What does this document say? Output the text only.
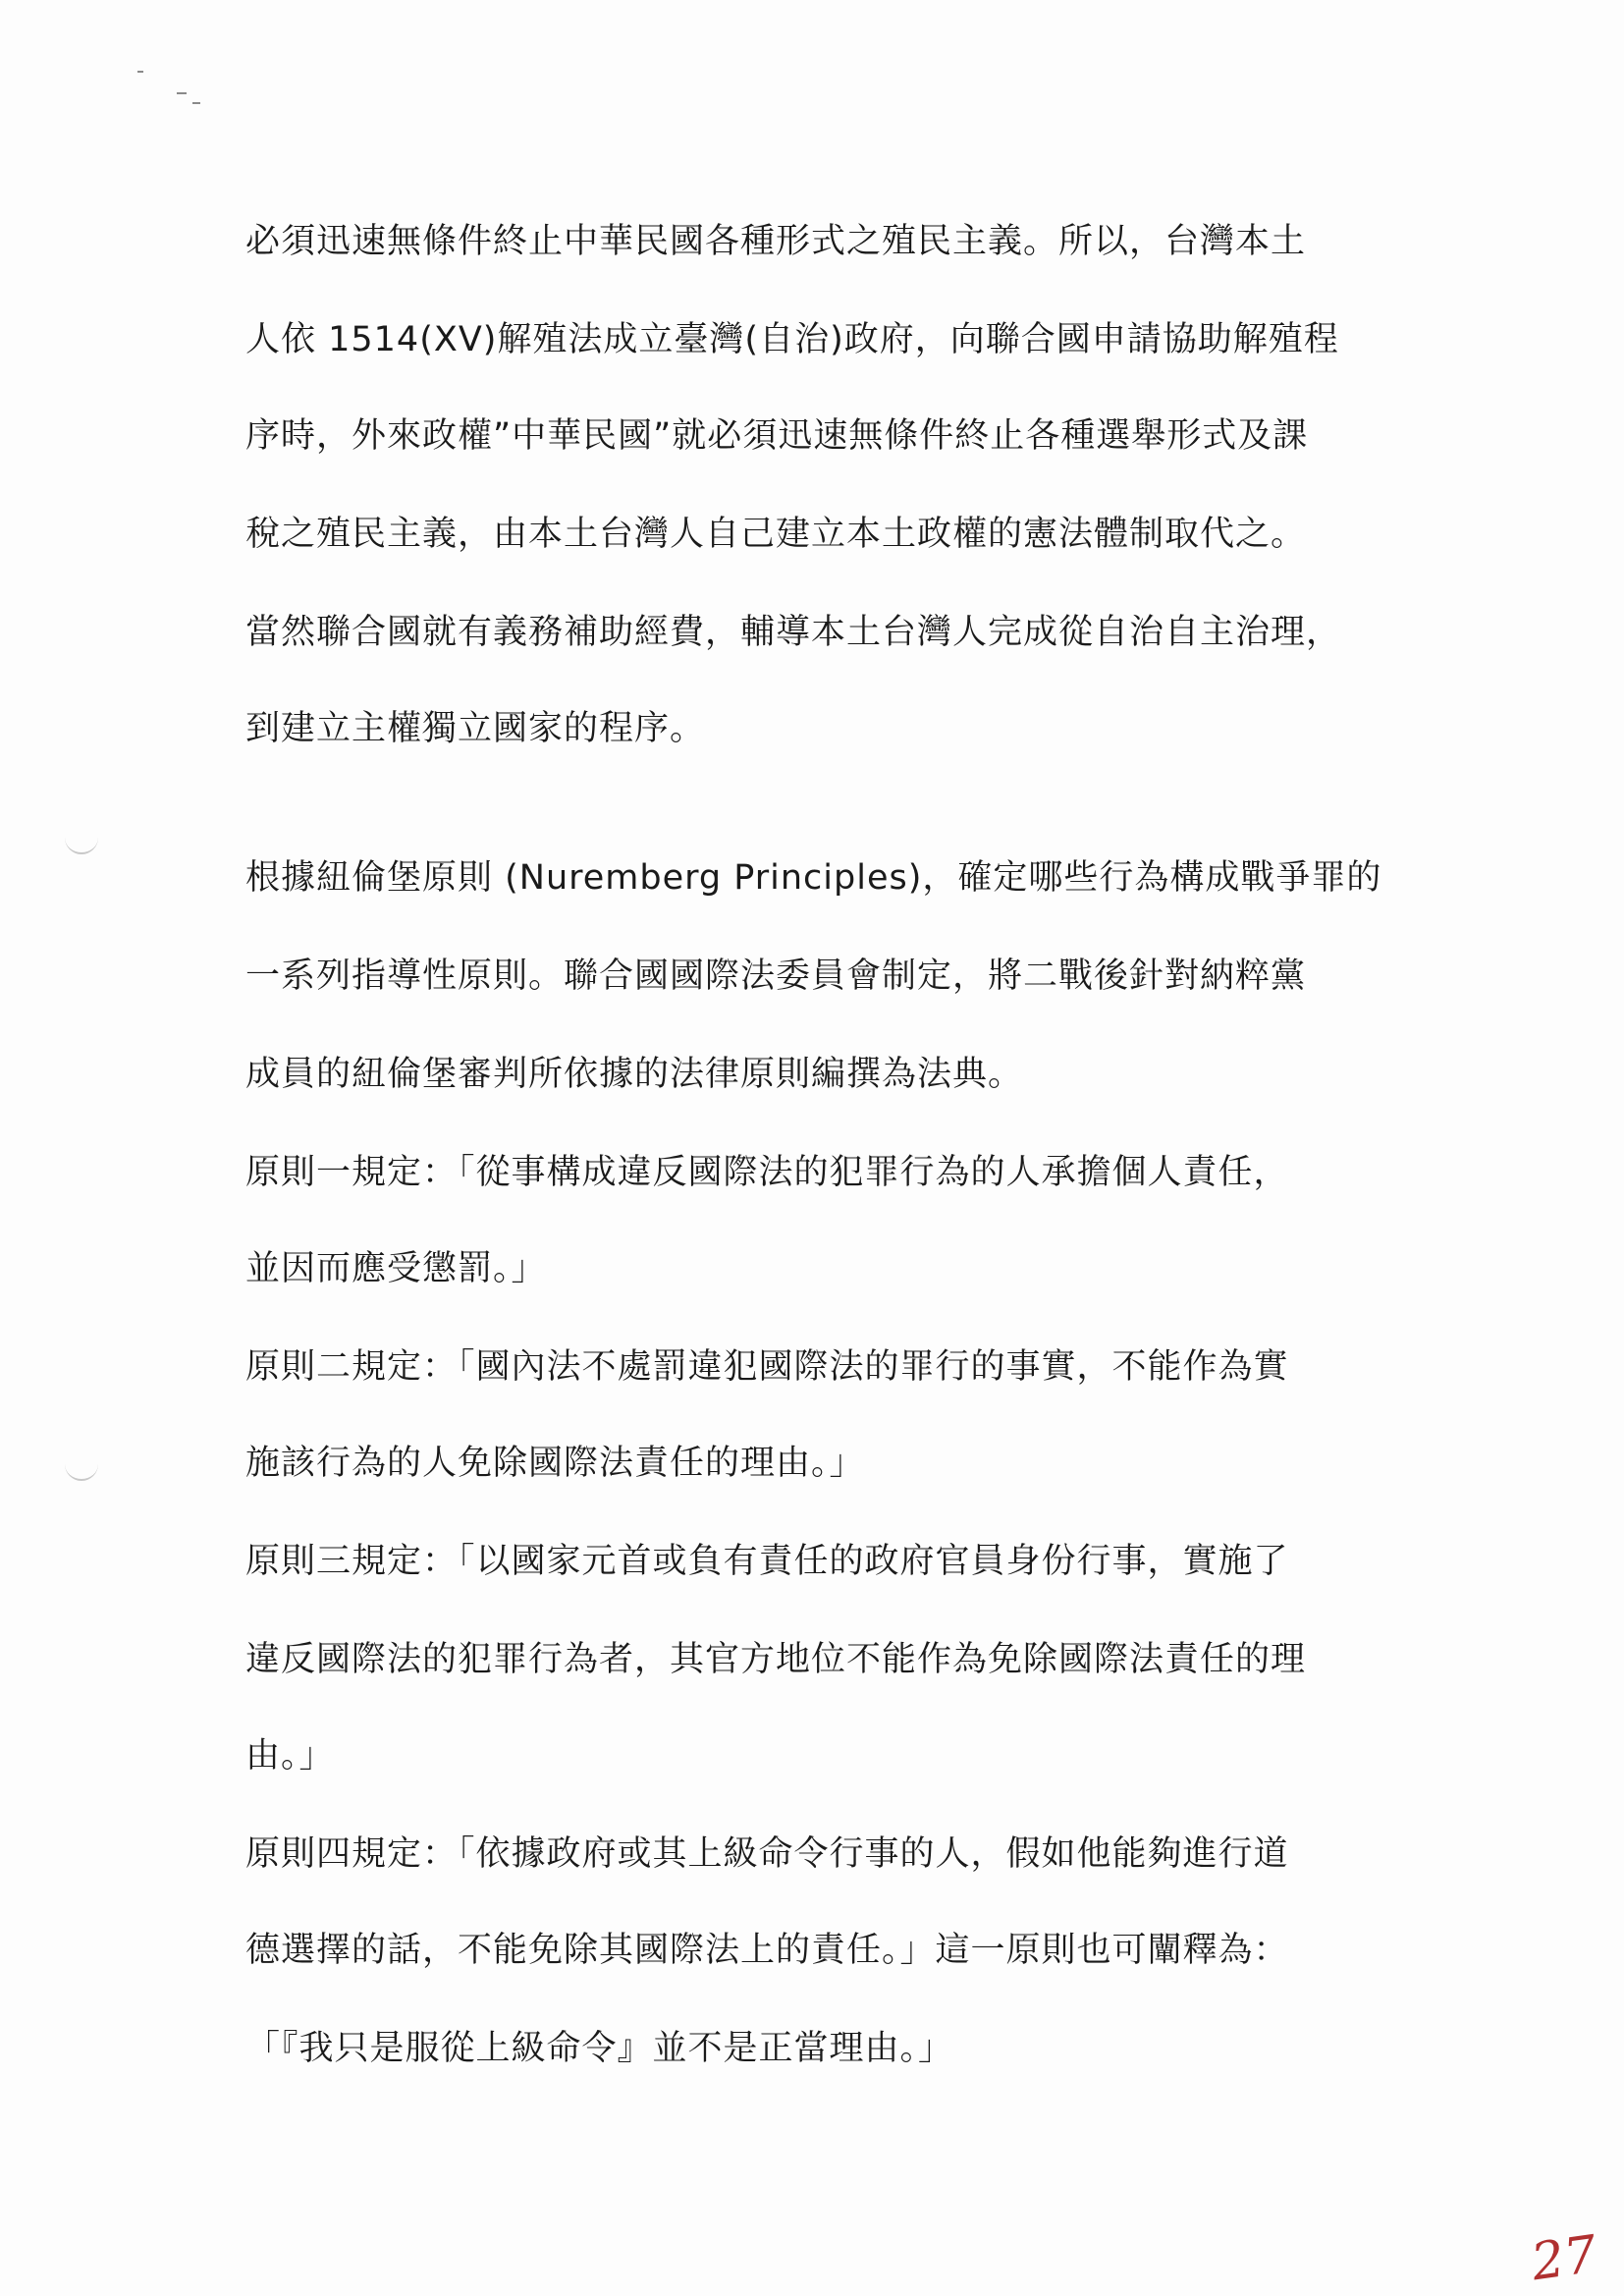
必須迅速無條件終止中華民國各種形式之殖民主義。所以，台灣本土
人依 1514(XV)解殖法成立臺灣(自治)政府，向聯合國申請協助解殖程
序時，外來政權”中華民國”就必須迅速無條件終止各種選舉形式及課
稅之殖民主義，由本土台灣人自己建立本土政權的憲法體制取代之。
當然聯合國就有義務補助經費，輔導本土台灣人完成從自治自主治理，
到建立主權獨立國家的程序。
根據紐倫堡原則 (Nuremberg Principles)，確定哪些行為構成戰爭罪的
一系列指導性原則。聯合國國際法委員會制定，將二戰後針對納粹黨
成員的紐倫堡審判所依據的法律原則編撰為法典。
原則一規定：「從事構成違反國際法的犯罪行為的人承擔個人責任，
並因而應受懲罰。」
原則二規定：「國內法不處罰違犯國際法的罪行的事實，不能作為實
施該行為的人免除國際法責任的理由。」
原則三規定：「以國家元首或負有責任的政府官員身份行事，實施了
違反國際法的犯罪行為者，其官方地位不能作為免除國際法責任的理
由。」
原則四規定：「依據政府或其上級命令行事的人，假如他能夠進行道
德選擇的話，不能免除其國際法上的責任。」這一原則也可闡釋為：
「『我只是服從上級命令』並不是正當理由。」
27
